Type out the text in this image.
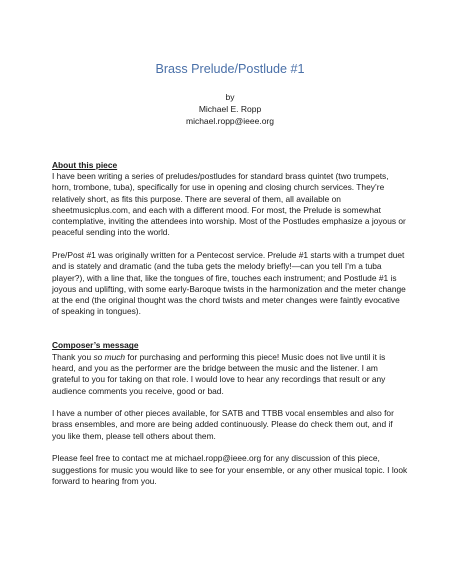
Brass Prelude/Postlude #1
by
Michael E. Ropp
michael.ropp@ieee.org
About this piece

I have been writing a series of preludes/postludes for standard brass quintet (two trumpets, horn, trombone, tuba), specifically for use in opening and closing church services. They’re relatively short, as fits this purpose. There are several of them, all available on sheetmusicplus.com, and each with a different mood. For most, the Prelude is somewhat contemplative, inviting the attendees into worship. Most of the Postludes emphasize a joyous or peaceful sending into the world.

Pre/Post #1 was originally written for a Pentecost service. Prelude #1 starts with a trumpet duet and is stately and dramatic (and the tuba gets the melody briefly!—can you tell I’m a tuba player?), with a line that, like the tongues of fire, touches each instrument; and Postlude #1 is joyous and uplifting, with some early-Baroque twists in the harmonization and the meter change at the end (the original thought was the chord twists and meter changes were faintly evocative of speaking in tongues).

Composer’s message

Thank you so much for purchasing and performing this piece! Music does not live until it is heard, and you as the performer are the bridge between the music and the listener. I am grateful to you for taking on that role. I would love to hear any recordings that result or any audience comments you receive, good or bad.

I have a number of other pieces available, for SATB and TTBB vocal ensembles and also for brass ensembles, and more are being added continuously. Please do check them out, and if you like them, please tell others about them.

Please feel free to contact me at michael.ropp@ieee.org for any discussion of this piece, suggestions for music you would like to see for your ensemble, or any other musical topic. I look forward to hearing from you.
